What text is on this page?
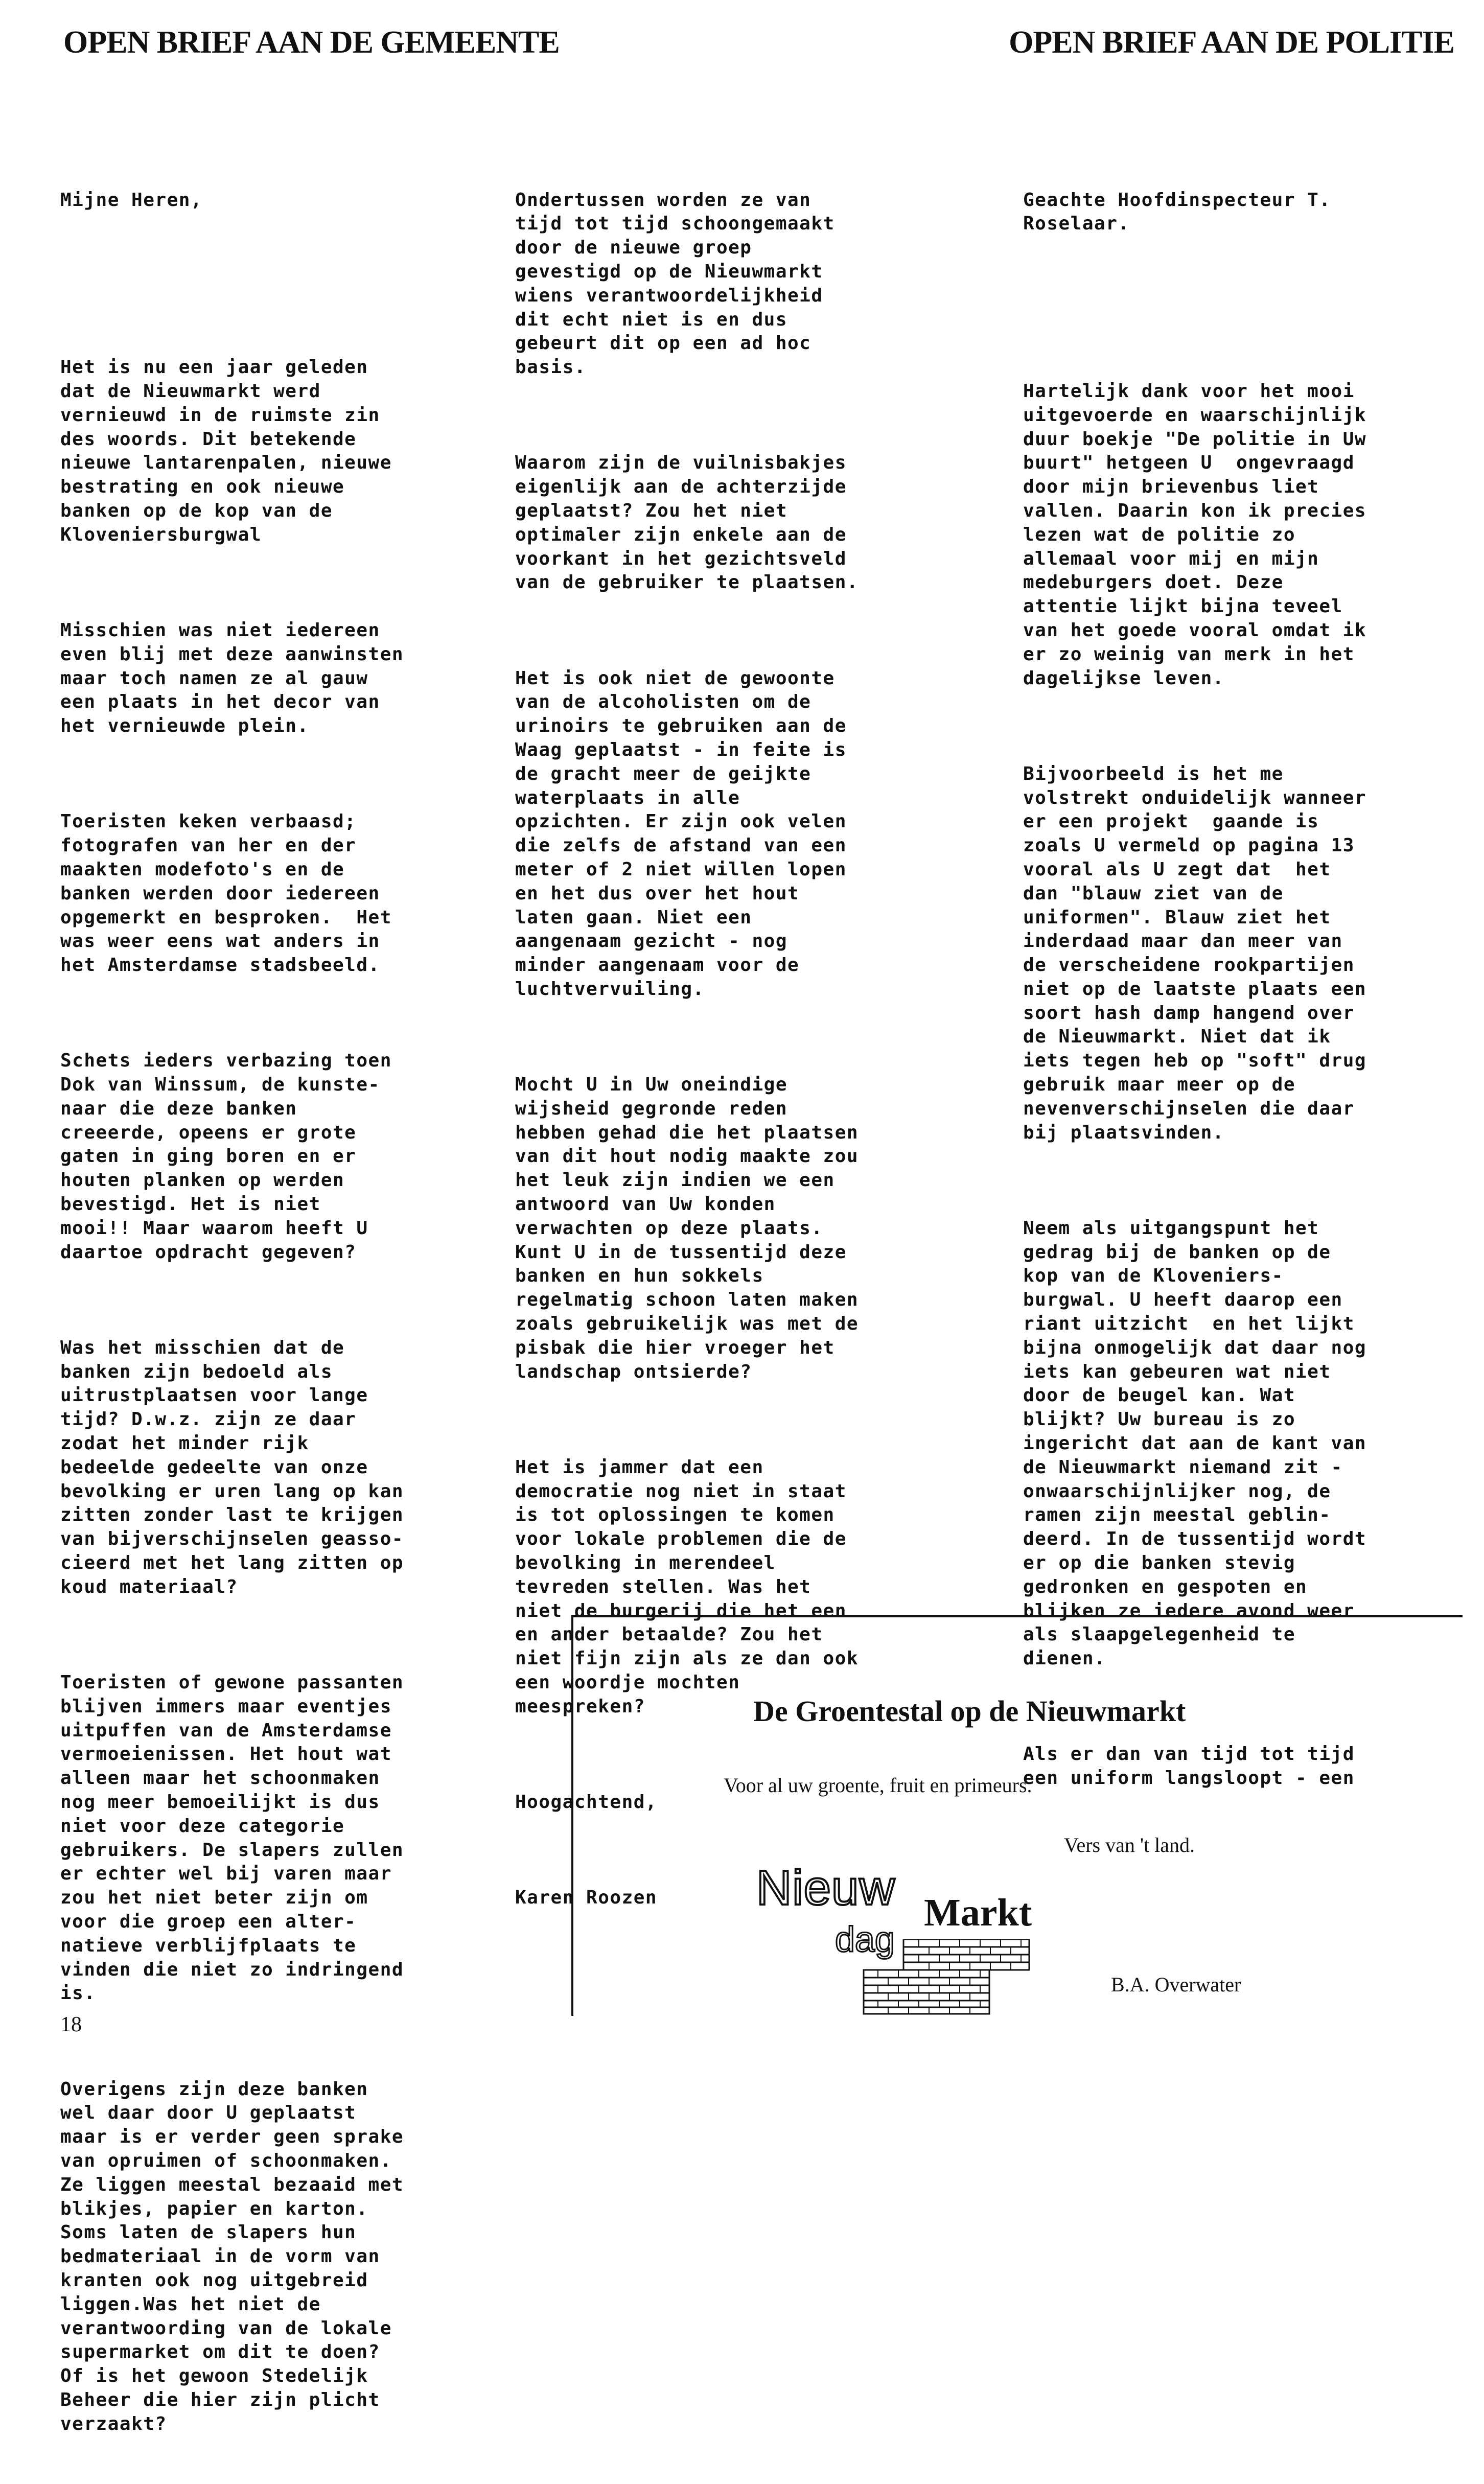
OPEN BRIEF AAN DE GEMEENTE	OPEN BRIEF AAN DE POLITIE

Mijne Heren,

Het is nu een jaar geleden
dat de Nieuwmarkt werd
vernieuwd in de ruimste zin
des woords. Dit betekende
nieuwe lantarenpalen, nieuwe
bestrating en ook nieuwe
banken op de kop van de
Kloveniersburgwal

Misschien was niet iedereen
even blij met deze aanwinsten
maar toch namen ze al gauw
een plaats in het decor van
het vernieuwde plein.

Toeristen keken verbaasd;
fotografen van her en der
maakten modefoto's en de
banken werden door iedereen
opgemerkt en besproken.  Het
was weer eens wat anders in
het Amsterdamse stadsbeeld.

Schets ieders verbazing toen
Dok van Winssum, de kunste-
naar die deze banken
creeerde, opeens er grote
gaten in ging boren en er
houten planken op werden
bevestigd. Het is niet
mooi!! Maar waarom heeft U
daartoe opdracht gegeven?

Was het misschien dat de
banken zijn bedoeld als
uitrustplaatsen voor lange
tijd? D.w.z. zijn ze daar
zodat het minder rijk
bedeelde gedeelte van onze
bevolking er uren lang op kan
zitten zonder last te krijgen
van bijverschijnselen geasso-
cieerd met het lang zitten op
koud materiaal?

Toeristen of gewone passanten
blijven immers maar eventjes
uitpuffen van de Amsterdamse
vermoeienissen. Het hout wat
alleen maar het schoonmaken
nog meer bemoeilijkt is dus
niet voor deze categorie
gebruikers. De slapers zullen
er echter wel bij varen maar
zou het niet beter zijn om
voor die groep een alter-
natieve verblijfplaats te
vinden die niet zo indringend
is.

Overigens zijn deze banken
wel daar door U geplaatst
maar is er verder geen sprake
van opruimen of schoonmaken.
Ze liggen meestal bezaaid met
blikjes, papier en karton.
Soms laten de slapers hun
bedmateriaal in de vorm van
kranten ook nog uitgebreid
liggen.Was het niet de
verantwoording van de lokale
supermarket om dit te doen?
Of is het gewoon Stedelijk
Beheer die hier zijn plicht
verzaakt?

Ondertussen worden ze van
tijd tot tijd schoongemaakt
door de nieuwe groep
gevestigd op de Nieuwmarkt
wiens verantwoordelijkheid
dit echt niet is en dus
gebeurt dit op een ad hoc
basis.

Waarom zijn de vuilnisbakjes
eigenlijk aan de achterzijde
geplaatst? Zou het niet
optimaler zijn enkele aan de
voorkant in het gezichtsveld
van de gebruiker te plaatsen.

Het is ook niet de gewoonte
van de alcoholisten om de
urinoirs te gebruiken aan de
Waag geplaatst - in feite is
de gracht meer de geijkte
waterplaats in alle
opzichten. Er zijn ook velen
die zelfs de afstand van een
meter of 2 niet willen lopen
en het dus over het hout
laten gaan. Niet een
aangenaam gezicht - nog
minder aangenaam voor de
luchtvervuiling.

Mocht U in Uw oneindige
wijsheid gegronde reden
hebben gehad die het plaatsen
van dit hout nodig maakte zou
het leuk zijn indien we een
antwoord van Uw konden
verwachten op deze plaats.
Kunt U in de tussentijd deze
banken en hun sokkels
regelmatig schoon laten maken
zoals gebruikelijk was met de
pisbak die hier vroeger het
landschap ontsierde?

Het is jammer dat een
democratie nog niet in staat
is tot oplossingen te komen
voor lokale problemen die de
bevolking in merendeel
tevreden stellen. Was het
niet de burgerij die het een
en ander betaalde? Zou het
niet fijn zijn als ze dan ook
een woordje mochten
meespreken?

Hoogachtend,

Karen Roozen

Geachte Hoofdinspecteur T.
Roselaar.

Hartelijk dank voor het mooi
uitgevoerde en waarschijnlijk
duur boekje "De politie in Uw
buurt" hetgeen U  ongevraagd
door mijn brievenbus liet
vallen. Daarin kon ik precies
lezen wat de politie zo
allemaal voor mij en mijn
medeburgers doet. Deze
attentie lijkt bijna teveel
van het goede vooral omdat ik
er zo weinig van merk in het
dagelijkse leven.

Bijvoorbeeld is het me
volstrekt onduidelijk wanneer
er een projekt  gaande is
zoals U vermeld op pagina 13
vooral als U zegt dat  het
dan "blauw ziet van de
uniformen". Blauw ziet het
inderdaad maar dan meer van
de verscheidene rookpartijen
niet op de laatste plaats een
soort hash damp hangend over
de Nieuwmarkt. Niet dat ik
iets tegen heb op "soft" drug
gebruik maar meer op de
nevenverschijnselen die daar
bij plaatsvinden.

Neem als uitgangspunt het
gedrag bij de banken op de
kop van de Kloveniers-
burgwal. U heeft daarop een
riant uitzicht  en het lijkt
bijna onmogelijk dat daar nog
iets kan gebeuren wat niet
door de beugel kan. Wat
blijkt? Uw bureau is zo
ingericht dat aan de kant van
de Nieuwmarkt niemand zit -
onwaarschijnlijker nog, de
ramen zijn meestal geblin-
deerd. In de tussentijd wordt
er op die banken stevig
gedronken en gespoten en
blijken ze iedere avond weer
als slaapgelegenheid te
dienen.

Als er dan van tijd tot tijd
een uniform langsloopt - een

De Groentestal op de Nieuwmarkt
Voor al uw groente, fruit en primeurs.
Vers van 't land.
Nieuw
dag
Markt
B.A. Overwater
18
